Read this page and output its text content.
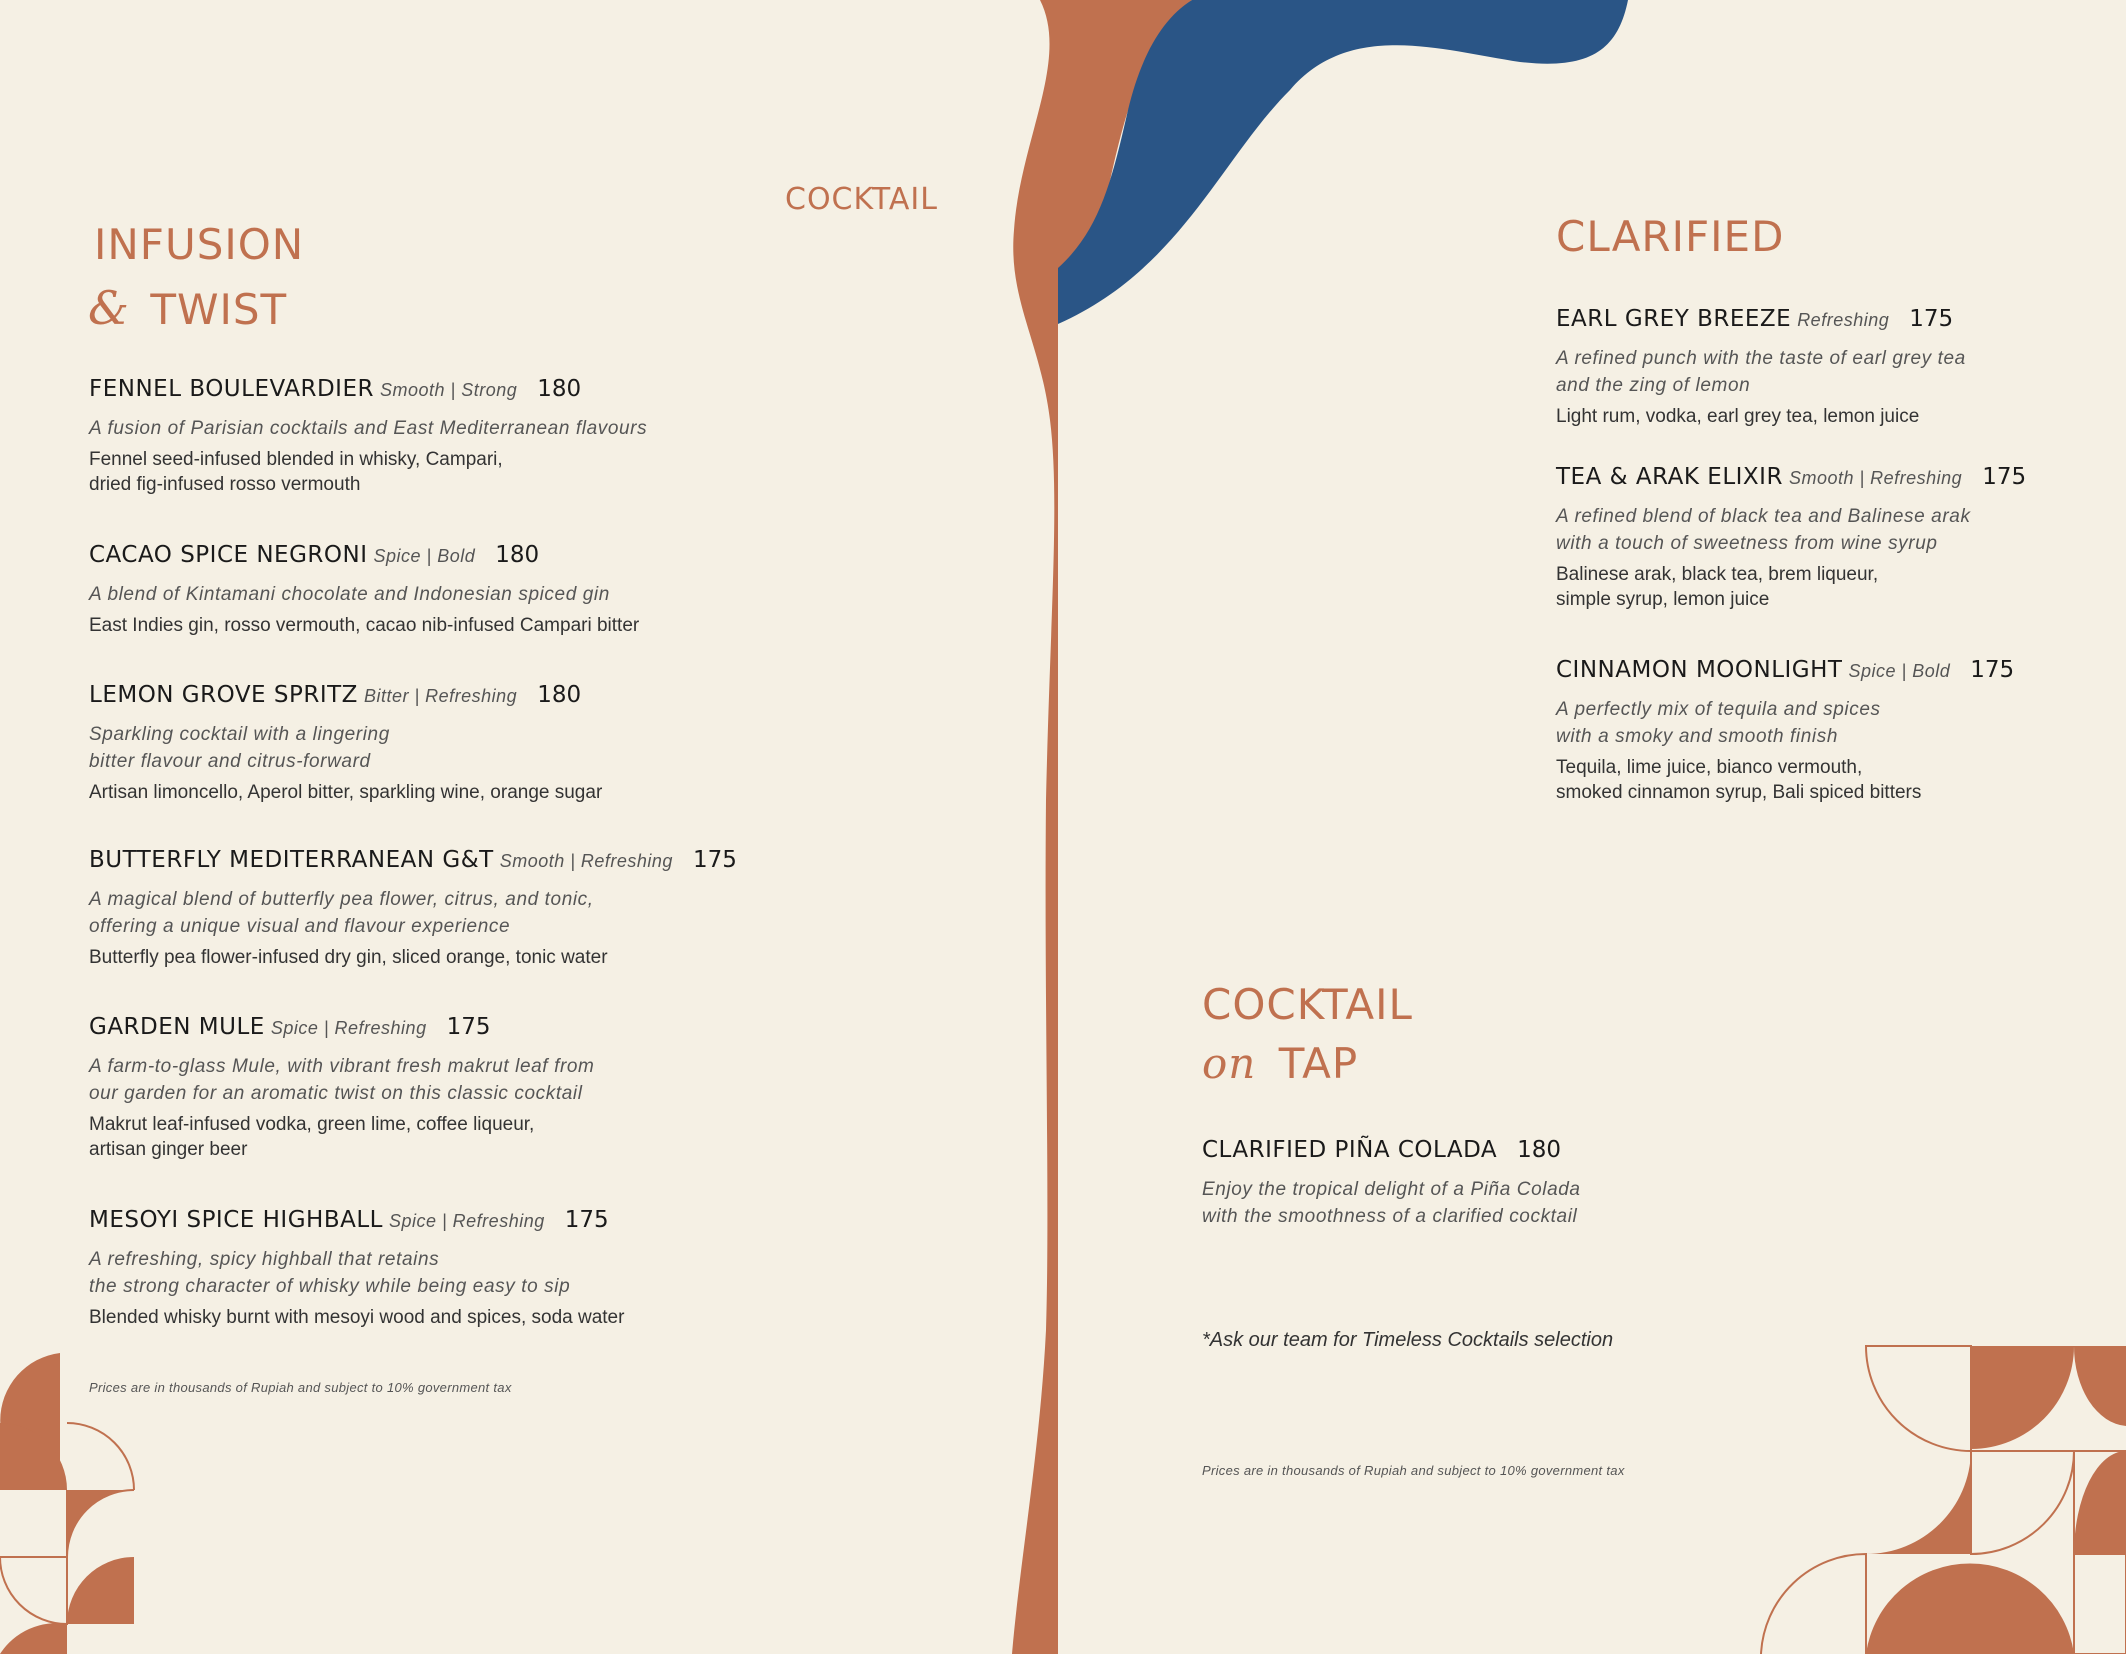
COCKTAIL
INFUSION
& TWIST
FENNEL BOULEVARDIER Smooth | Strong 180
A fusion of Parisian cocktails and East Mediterranean flavours
Fennel seed-infused blended in whisky, Campari,
dried fig-infused rosso vermouth
CACAO SPICE NEGRONI Spice | Bold 180
A blend of Kintamani chocolate and Indonesian spiced gin
East Indies gin, rosso vermouth, cacao nib-infused Campari bitter
LEMON GROVE SPRITZ Bitter | Refreshing 180
Sparkling cocktail with a lingering
bitter flavour and citrus-forward
Artisan limoncello, Aperol bitter, sparkling wine, orange sugar
BUTTERFLY MEDITERRANEAN G&T Smooth | Refreshing 175
A magical blend of butterfly pea flower, citrus, and tonic,
offering a unique visual and flavour experience
Butterfly pea flower-infused dry gin, sliced orange, tonic water
GARDEN MULE Spice | Refreshing 175
A farm-to-glass Mule, with vibrant fresh makrut leaf from
our garden for an aromatic twist on this classic cocktail
Makrut leaf-infused vodka, green lime, coffee liqueur,
artisan ginger beer
MESOYI SPICE HIGHBALL Spice | Refreshing 175
A refreshing, spicy highball that retains
the strong character of whisky while being easy to sip
Blended whisky burnt with mesoyi wood and spices, soda water
Prices are in thousands of Rupiah and subject to 10% government tax
CLARIFIED
EARL GREY BREEZE Refreshing 175
A refined punch with the taste of earl grey tea
and the zing of lemon
Light rum, vodka, earl grey tea, lemon juice
TEA & ARAK ELIXIR Smooth | Refreshing 175
A refined blend of black tea and Balinese arak
with a touch of sweetness from wine syrup
Balinese arak, black tea, brem liqueur,
simple syrup, lemon juice
CINNAMON MOONLIGHT Spice | Bold 175
A perfectly mix of tequila and spices
with a smoky and smooth finish
Tequila, lime juice, bianco vermouth,
smoked cinnamon syrup, Bali spiced bitters
COCKTAIL
on TAP
CLARIFIED PIÑA COLADA 180
Enjoy the tropical delight of a Piña Colada
with the smoothness of a clarified cocktail
*Ask our team for Timeless Cocktails selection
Prices are in thousands of Rupiah and subject to 10% government tax
